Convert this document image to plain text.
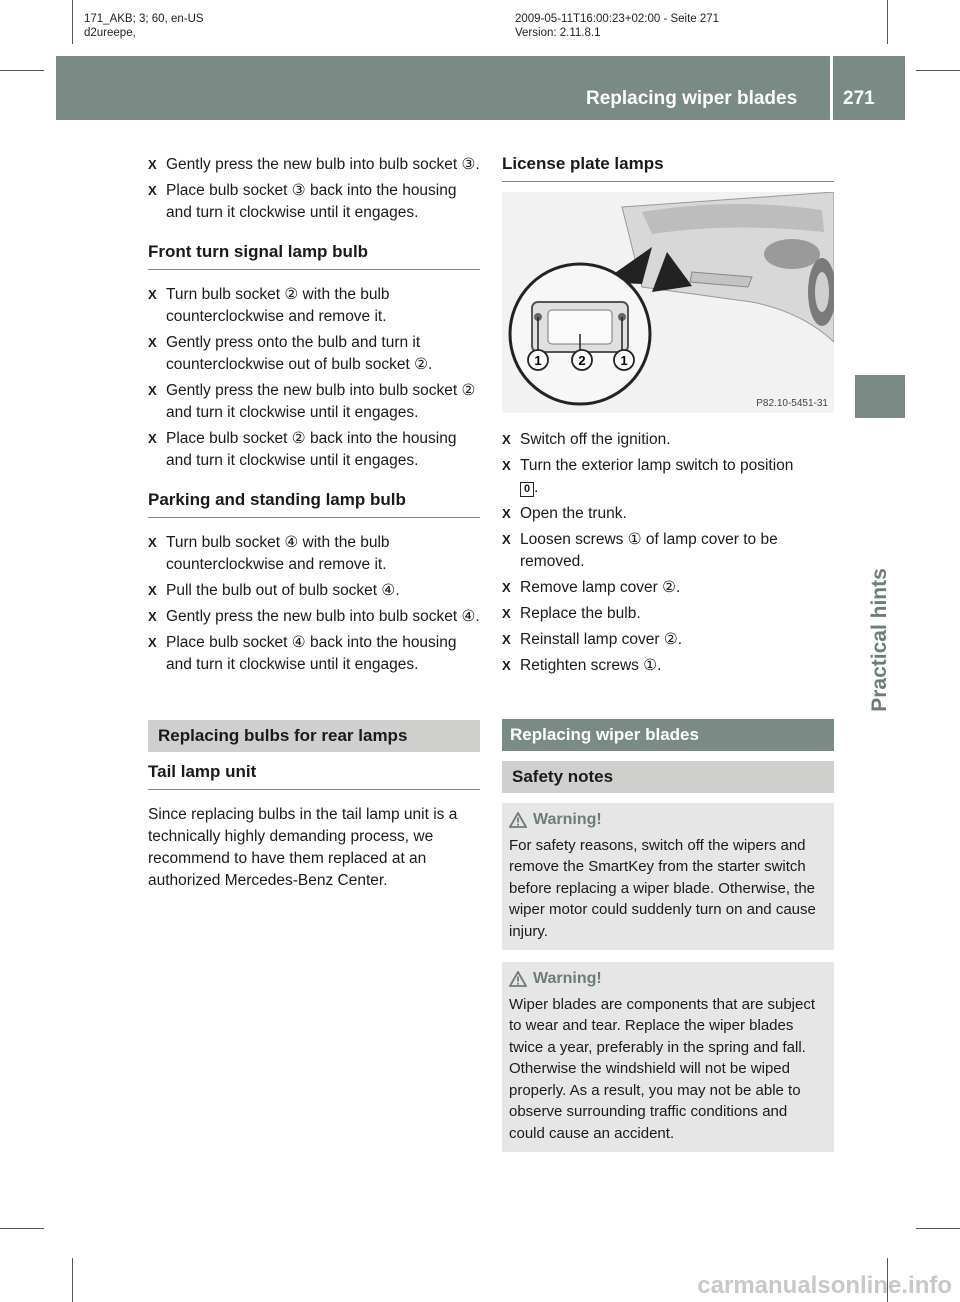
171_AKB; 3; 60, en-US
d2ureepe,
2009-05-11T16:00:23+02:00 - Seite 271
Version: 2.11.8.1
Replacing wiper blades 271
Practical hints
X Gently press the new bulb into bulb socket ③.
X Place bulb socket ③ back into the housing and turn it clockwise until it engages.
Front turn signal lamp bulb
X Turn bulb socket ② with the bulb counterclockwise and remove it.
X Gently press onto the bulb and turn it counterclockwise out of bulb socket ②.
X Gently press the new bulb into bulb socket ② and turn it clockwise until it engages.
X Place bulb socket ② back into the housing and turn it clockwise until it engages.
Parking and standing lamp bulb
X Turn bulb socket ④ with the bulb counterclockwise and remove it.
X Pull the bulb out of bulb socket ④.
X Gently press the new bulb into bulb socket ④.
X Place bulb socket ④ back into the housing and turn it clockwise until it engages.
Replacing bulbs for rear lamps
Tail lamp unit
Since replacing bulbs in the tail lamp unit is a technically highly demanding process, we recommend to have them replaced at an authorized Mercedes-Benz Center.
License plate lamps
1	2	1
P82.10-5451-31
X Switch off the ignition.
X Turn the exterior lamp switch to position
0 .
X Open the trunk.
X Loosen screws ① of lamp cover to be removed.
X Remove lamp cover ②.
X Replace the bulb.
X Reinstall lamp cover ②.
X Retighten screws ①.
Replacing wiper blades
Safety notes
Warning!
For safety reasons, switch off the wipers and remove the SmartKey from the starter switch before replacing a wiper blade. Otherwise, the wiper motor could suddenly turn on and cause injury.
Warning!
Wiper blades are components that are subject to wear and tear. Replace the wiper blades twice a year, preferably in the spring and fall. Otherwise the windshield will not be wiped properly. As a result, you may not be able to observe surrounding traffic conditions and could cause an accident.
carmanualsonline.info
